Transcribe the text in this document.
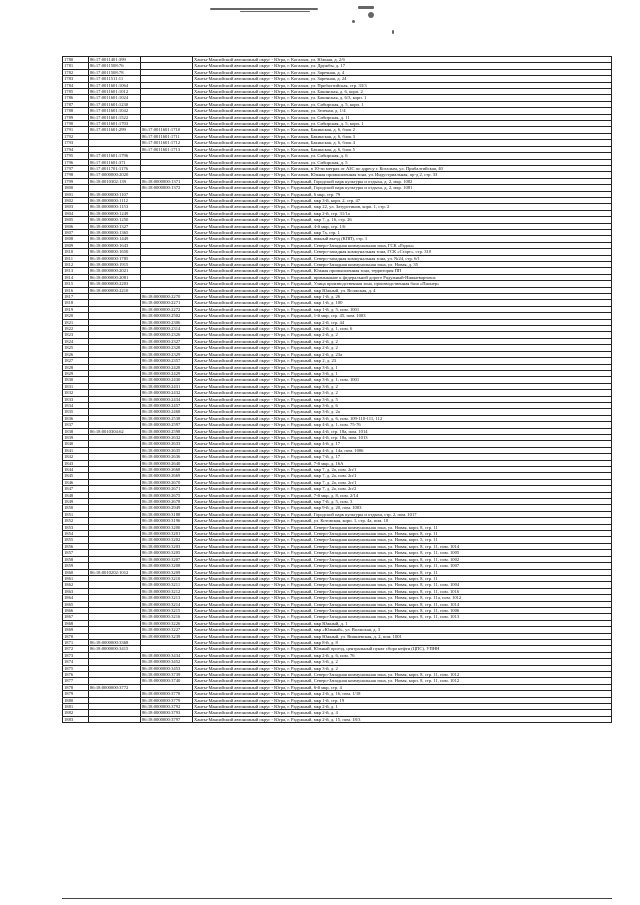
1780	86:17:0011401:399		Ханты-Мансийский автономный округ - Югра, г. Когалым, ул. Южная, д. 2/б
1781	86:17:0011508:76		Ханты-Мансийский автономный округ - Югра, г. Когалым, ул. Дружбы, д. 17
1782	86:17:0011508:78		Ханты-Мансийский автономный округ - Югра, г. Когалым, ул. Заречная, д. 4
1783	86:17:0011511:11		Ханты-Мансийский автономный округ - Югра, г. Когалым, ул. Заречная, д. 24
1784	86:17:0011601:1064		Ханты-Мансийский автономный округ - Югра, г. Когалым, ул. Прибалтийская, стр. 33/3
1785	86:17:0011601:1012		Ханты-Мансийский автономный округ - Югра, г. Когалым, ул. Бакинская, д. 6, корп. 2
1786	86:17:0011601:1024		Ханты-Мансийский автономный округ - Югра, г. Когалым, ул. Бакинская, д. 6/3, корп. 1
1787	86:17:0011601:1230		Ханты-Мансийский автономный округ - Югра, г. Когалым, ул. Сибирская, д. 5, корп. 1
1788	86:17:0011601:1042		Ханты-Мансийский автономный округ - Югра, г. Когалым, ул. Зеленая, д. 1/4
1789	86:17:0011601:1522		Ханты-Мансийский автономный округ - Югра, г. Когалым, ул. Сибирская, д. 11
1790	86:17:0011601:1703		Ханты-Мансийский автономный округ - Югра, г. Когалым, ул. Сибирская, д. 5, корп. 1
1791	86:17:0011601:299	86:17:0011601:1710	Ханты-Мансийский автономный округ - Югра, г. Когалым, Бакинская, д. 6, блок 2
1792		86:17:0011601:1711	Ханты-Мансийский автономный округ - Югра, г. Когалым, Бакинская, д. 6, блок 3
1793		86:17:0011601:1712	Ханты-Мансийский автономный округ - Югра, г. Когалым, Бакинская, д. 6, блок 4
1794		86:17:0011601:1713	Ханты-Мансийский автономный округ - Югра, г. Когалым, Бакинская, д. 6, блок 5
1795	86:17:0011601:1796		Ханты-Мансийский автономный округ - Югра, г. Когалым, ул. Сибирская, д. 6
1796	86:17:0011601:371		Ханты-Мансийский автономный округ - Югра, г. Когалым, ул. Сибирская, д. 5
1797	86:17:0011701:1176		Ханты-Мансийский автономный округ - Югра, г. Когалым, в 10-ти метрах от АЗС по адресу г. Когалым, ул. Прибалтийская, 40
1798	86:17:0000000:2020		Ханты-Мансийский автономный округ - Югра, г. Когалым, Южная промышленная зона, ул. Индустриальная, пр-д 2, стр. 33
1799	86:18:0010302:139	86:18:0000000:1371	Ханты-Мансийский автономный округ - Югра, г. Радужный, Городской парк культуры и отдыха, д. 2, мкр. 1082
1800		86:18:0000000:1372	Ханты-Мансийский автономный округ - Югра, г. Радужный, Городской парк культуры и отдыха, д. 2, мкр. 1081
1801	86:18:0000000:1107		Ханты-Мансийский автономный округ - Югра, г. Радужный, 6 мкр, стр. 79
1802	86:18:0000000:1112		Ханты-Мансийский автономный округ - Югра, г. Радужный, мкр 3-й, корп. 2, стр. 47
1803	86:18:0000000:1153		Ханты-Мансийский автономный округ - Югра, г. Радужный, мкр 22, ул. Затурстинов, корп. 1, стр. 2
1804	86:18:0000000:1249		Ханты-Мансийский автономный округ - Югра, г. Радужный, мкр 2-й, стр. 31/1а
1805	86:18:0000000:1250		Ханты-Мансийский автономный округ - Югра, г. Радужный, мкр 7, д. 16, стр. 26
1806	86:18:0000000:1327		Ханты-Мансийский автономный округ - Югра, г. Радужный, 4-й мкр, стр. 1/6
1807	86:18:0000000:1365		Ханты-Мансийский автономный округ - Югра, г. Радужный, мкр 7а, стр. 1
1808	86:18:0000000:1449		Ханты-Мансийский автономный округ - Югра, г. Радужный, южный въезд (КПП), стр. 1
1809	86:18:0000000:1643		Ханты-Мансийский автономный округ - Югра, г. Радужный, Северо-Западная коммунальная зона, ГСК «Радон»
1810	86:18:0000000:1650		Ханты-Мансийский автономный округ - Югра, г. Радужный, Северо-западная коммунальная зона, ГСК «Старт», стр. 310
1811	86:18:0000000:1785		Ханты-Мансийский автономный округ - Югра, г. Радужный, Северо-западная коммунальная зона, ул. №24, стр. 6/1
1812	86:18:0000000:1915		Ханты-Мансийский автономный округ - Югра, г. Радужный, Северо-Западная коммунальная зона, ул. Новая, д. 35
1813	86:18:0000000:2021		Ханты-Мансийский автономный округ - Югра, г. Радужный, Южная промышленная зона, территория ПП
1814	86:18:0000000:2081		Ханты-Мансийский автономный округ - Югра, г. Радужный, примыкание к федеральной дороге Радужный-Нижневартовск
1815	86:18:0000000:2203		Ханты-Мансийский автономный округ - Югра, г. Радужный, Улица производственная зона, производственная база «Пионер»
1816	86:18:0000000:2210		Ханты-Мансийский автономный округ - Югра, г. Радужный, мкр Южный, ул. Волжская, д. 4
1817		86:18:0000000:2270	Ханты-Мансийский автономный округ - Югра, г. Радужный, мкр 1-й, д. 26
1818		86:18:0000000:2271	Ханты-Мансийский автономный округ - Югра, г. Радужный, мкр 1-й, д. 100
1819		86:18:0000000:2272	Ханты-Мансийский автономный округ - Югра, г. Радужный, мкр 1-й, д. 5, пом. 1001
1820		86:18:0000000:2502	Ханты-Мансийский автономный округ - Югра, г. Радужный, 1-й мкр, стр. 45, пом. 1003
1821		86:18:0000000:2306	Ханты-Мансийский автономный округ - Югра, г. Радужный, мкр 2-й, стр. 44
1822		86:18:0000000:2314	Ханты-Мансийский автономный округ - Югра, г. Радужный, мкр 2-й, д. 1, пом. 6
1823		86:18:0000000:2326	Ханты-Мансийский автономный округ - Югра, г. Радужный, мкр 2-й, д. 2
1824		86:18:0000000:2327	Ханты-Мансийский автономный округ - Югра, г. Радужный, мкр 2-й, д. 2
1825		86:18:0000000:2328	Ханты-Мансийский автономный округ - Югра, г. Радужный, мкр 2-й, д. 2
1826		86:18:0000000:2329	Ханты-Мансийский автономный округ - Югра, г. Радужный, мкр 2-й, д. 23а
1827		86:18:0000000:2357	Ханты-Мансийский автономный округ - Югра, г. Радужный, мкр 2, д. 23
1828		86:18:0000000:2428	Ханты-Мансийский автономный округ - Югра, г. Радужный, мкр 3-й, д. 1
1829		86:18:0000000:2429	Ханты-Мансийский автономный округ - Югра, г. Радужный, мкр 3-й, д. 1
1830		86:18:0000000:2430	Ханты-Мансийский автономный округ - Югра, г. Радужный, мкр 3-й, д. 1, пом. 1001
1831		86:18:0000000:2431	Ханты-Мансийский автономный округ - Югра, г. Радужный, мкр 3-й, д. 2
1832		86:18:0000000:2432	Ханты-Мансийский автономный округ - Югра, г. Радужный, мкр 3-й, д. 2
1833		86:18:0000000:2434	Ханты-Мансийский автономный округ - Югра, г. Радужный, мкр 3-й, д. 5
1834		86:18:0000000:2457	Ханты-Мансийский автономный округ - Югра, г. Радужный, мкр 3-й, д. 6
1835		86:18:0000000:2468	Ханты-Мансийский автономный округ - Югра, г. Радужный, мкр 3-й, д. 2а
1836		86:18:0000000:2538	Ханты-Мансийский автономный округ - Югра, г. Радужный, мкр 3-й, д. 6, пом. 109-110-111, 112
1837		86:18:0000000:2597	Ханты-Мансийский автономный округ - Югра, г. Радужный, мкр 4-й, д. 1, пом. 75-76
1838	86:18:0010304:62	86:18:0000000:2598	Ханты-Мансийский автономный округ - Югра, г. Радужный, мкр 4-й, стр. 18а, пом. 1014
1839		86:18:0000000:2632	Ханты-Мансийский автономный округ - Югра, г. Радужный, мкр 4-й, стр. 18а, пом. 1013
1840		86:18:0000000:2633	Ханты-Мансийский автономный округ - Югра, г. Радужный, мкр 4-й, д. 17
1841		86:18:0000000:2635	Ханты-Мансийский автономный округ - Югра, г. Радужный, мкр 4-й, д. 14а, пом. 1006
1842		86:18:0000000:2636	Ханты-Мансийский автономный округ - Югра, г. Радужный, мкр 7-й, д. 17
1843		86:18:0000000:2640	Ханты-Мансийский автономный округ - Югра, г. Радужный, 7-й мкр, д. 16А
1844		86:18:0000000:2668	Ханты-Мансийский автономный округ - Югра, г. Радужный, мкр 7, д. 2а, пом. 2п/1
1845		86:18:0000000:2669	Ханты-Мансийский автономный округ - Югра, г. Радужный, мкр 7, д. 2а, пом. 2п/1
1846		86:18:0000000:2670	Ханты-Мансийский автономный округ - Югра, г. Радужный, мкр 7, д. 2а, пом. 2п/1
1847		86:18:0000000:2671	Ханты-Мансийский автономный округ - Югра, г. Радужный, мкр 7, д. 2а, пом. 2п/2
1848		86:18:0000000:2675	Ханты-Мансийский автономный округ - Югра, г. Радужный, 7-й мкр, д. 8, пом. 2/14
1849		86:18:0000000:2678	Ханты-Мансийский автономный округ - Югра, г. Радужный, мкр 7-й, д. 5, пом. 3
1850		86:18:0000000:2949	Ханты-Мансийский автономный округ - Югра, г. Радужный, мкр 9-й, д. 20, пом. 1003
1851		86:18:0000000:3188	Ханты-Мансийский автономный округ - Югра, г. Радужный, Городской парк культуры и отдыха, стр. 2, пом. 1017
1852		86:18:0000000:3196	Ханты-Мансийский автономный округ - Югра, г. Радужный, ул. Котовская, корп. 1, стр. 4а, пом. 10
1853		86:18:0000000:3200	Ханты-Мансийский автономный округ - Югра, г. Радужный, Северо-Западная коммунальная зона, ул. Новая, корп. 8, стр. 11
1854		86:18:0000000:3201	Ханты-Мансийский автономный округ - Югра, г. Радужный, Северо-Западная коммунальная зона, ул. Новая, корп. 8, стр. 11
1855		86:18:0000000:3202	Ханты-Мансийский автономный округ - Югра, г. Радужный, Северо-Западная коммунальная зона, ул. Новая, корп. 5, стр. 11
1856		86:18:0000000:3203	Ханты-Мансийский автономный округ - Югра, г. Радужный, Северо-Западная коммунальная зона, ул. Новая, корп. 8, стр. 11, пом. 1014
1857		86:18:0000000:3205	Ханты-Мансийский автономный округ - Югра, г. Радужный, Северо-Западная коммунальная зона, ул. Новая, корп. 8, стр. 11, пом. 1005
1858		86:18:0000000:3207	Ханты-Мансийский автономный округ - Югра, г. Радужный, Северо-Западная коммунальная зона, ул. Новая, корп. 8, стр. 11, пом. 1002
1859		86:18:0000000:3208	Ханты-Мансийский автономный округ - Югра, г. Радужный, Северо-Западная коммунальная зона, ул. Новая, корп. 8, стр. 11, пом. 1007
1860	86:18:0010202:1012	86:18:0000000:3209	Ханты-Мансийский автономный округ - Югра, г. Радужный, Северо-Западная коммунальная зона, ул. Новая, корп. 8, стр. 11
1861		86:18:0000000:3210	Ханты-Мансийский автономный округ - Югра, г. Радужный, Северо-Западная коммунальная зона, ул. Новая, корп. 8, стр. 11
1862		86:18:0000000:3211	Ханты-Мансийский автономный округ - Югра, г. Радужный, Северо-Западная коммунальная зона, ул. Новая, корп. 8, стр. 11, пом. 1004
1863		86:18:0000000:3212	Ханты-Мансийский автономный округ - Югра, г. Радужный, Северо-Западная коммунальная зона, ул. Новая, корп. 8, стр. 11, пом. 1016
1864		86:18:0000000:3213	Ханты-Мансийский автономный округ - Югра, г. Радужный, Северо-Западная коммунальная зона, ул. Новая, корп. 8, стр. 11а, пом. 1012
1865		86:18:0000000:3214	Ханты-Мансийский автономный округ - Югра, г. Радужный, Северо-Западная коммунальная зона, ул. Новая, корп. 8, стр. 11, пом. 1014
1866		86:18:0000000:3215	Ханты-Мансийский автономный округ - Югра, г. Радужный, Северо-Западная коммунальная зона, ул. Новая, корп. 8, стр. 11, пом. 1006
1867		86:18:0000000:3216	Ханты-Мансийский автономный округ - Югра, г. Радужный, Северо-Западная коммунальная зона, ул. Новая, корп. 8, стр. 11, пом. 1013
1868		86:18:0000000:3226	Ханты-Мансийский автономный округ - Югра, г. Радужный, мкр Южный, д. 1
1869		86:18:0000000:3227	Ханты-Мансийский автономный округ - Югра, г. Радужный, мкр «Южный», ул. Волжская, д. 3
1870		86:18:0000000:3239	Ханты-Мансийский автономный округ - Югра, г. Радужный, мкр Южный, ул. Вишневская, д. 2, пом. 1001
1871	86:18:0000000:3368		Ханты-Мансийский автономный округ - Югра, г. Радужный, мкр 8-й, д. 8
1872	86:18:0000000:3415		Ханты-Мансийский автономный округ - Югра, г. Радужный, Южный проезд, центральный пункт сбора нефти (ЦПС), УПНН
1873		86:18:0000000:3434	Ханты-Мансийский автономный округ - Югра, г. Радужный, мкр 2-й, д. 6, пом. 76
1874		86:18:0000000:3452	Ханты-Мансийский автономный округ - Югра, г. Радужный, мкр 3-й, д. 2
1875		86:18:0000000:3453	Ханты-Мансийский автономный округ - Югра, г. Радужный, мкр 3-й, д. 2
1876		86:18:0000000:3739	Ханты-Мансийский автономный округ - Югра, г. Радужный, Северо-Западная коммунальная зона, ул. Новая, корп. 8, стр. 11, пом. 1012
1877		86:18:0000000:3740	Ханты-Мансийский автономный округ - Югра, г. Радужный, Северо-Западная коммунальная зона, ул. Новая, корп. 8, стр. 11, пом. 1012
1878	86:18:0000000:3772		Ханты-Мансийский автономный округ - Югра, г. Радужный, 6-й мкр, стр. 4
1879		86:18:0000000:3778	Ханты-Мансийский автономный округ - Югра, г. Радужный, мкр 2-й, д. 16, пом. 1/18
1880		86:18:0000000:3779	Ханты-Мансийский автономный округ - Югра, г. Радужный, мкр 1-й, стр. 19
1881		86:18:0000000:3792	Ханты-Мансийский автономный округ - Югра, г. Радужный, мкр 2-й, д. 1
1882		86:18:0000000:3793	Ханты-Мансийский автономный округ - Югра, г. Радужный, мкр 2-й, д. 4
1883		86:18:0000000:3797	Ханты-Мансийский автономный округ - Югра, г. Радужный, мкр 2-й, д. 15, пом. 18/3
